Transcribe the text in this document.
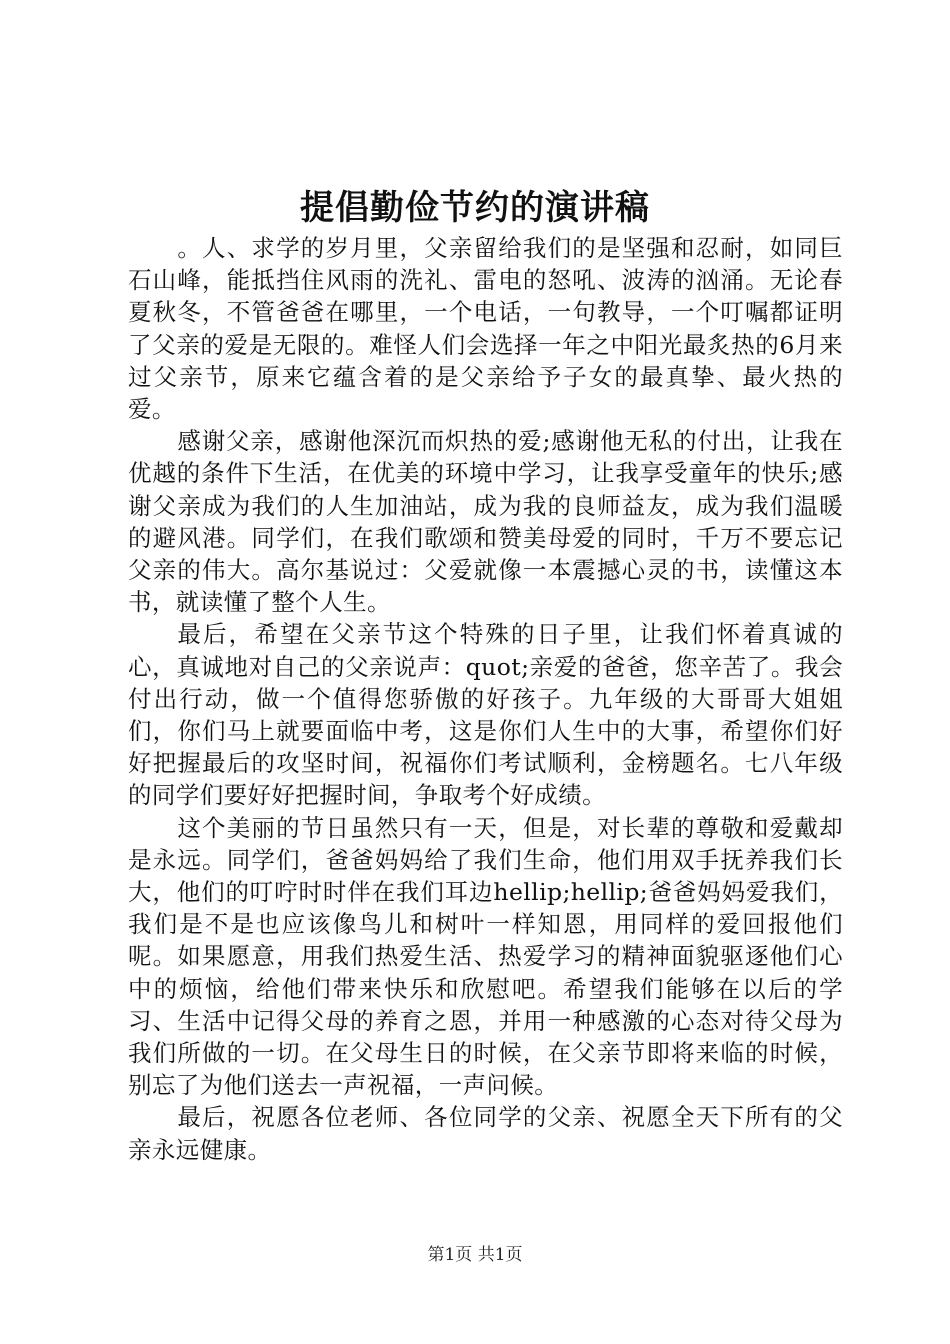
提倡勤俭节约的演讲稿

。人、求学的岁月里，父亲留给我们的是坚强和忍耐，如同巨石山峰，能抵挡住风雨的洗礼、雷电的怒吼、波涛的汹涌。无论春夏秋冬，不管爸爸在哪里，一个电话，一句教导，一个叮嘱都证明了父亲的爱是无限的。难怪人们会选择一年之中阳光最炙热的6月来过父亲节，原来它蕴含着的是父亲给予子女的最真挚、最火热的爱。

感谢父亲，感谢他深沉而炽热的爱;感谢他无私的付出，让我在优越的条件下生活，在优美的环境中学习，让我享受童年的快乐;感谢父亲成为我们的人生加油站，成为我的良师益友，成为我们温暖的避风港。同学们，在我们歌颂和赞美母爱的同时，千万不要忘记父亲的伟大。高尔基说过：父爱就像一本震撼心灵的书，读懂这本书，就读懂了整个人生。

最后，希望在父亲节这个特殊的日子里，让我们怀着真诚的心，真诚地对自己的父亲说声：quot;亲爱的爸爸，您辛苦了。我会付出行动，做一个值得您骄傲的好孩子。九年级的大哥哥大姐姐们，你们马上就要面临中考，这是你们人生中的大事，希望你们好好把握最后的攻坚时间，祝福你们考试顺利，金榜题名。七八年级的同学们要好好把握时间，争取考个好成绩。

这个美丽的节日虽然只有一天，但是，对长辈的尊敬和爱戴却是永远。同学们，爸爸妈妈给了我们生命，他们用双手抚养我们长大，他们的叮咛时时伴在我们耳边hellip;hellip;爸爸妈妈爱我们，我们是不是也应该像鸟儿和树叶一样知恩，用同样的爱回报他们呢。如果愿意，用我们热爱生活、热爱学习的精神面貌驱逐他们心中的烦恼，给他们带来快乐和欣慰吧。希望我们能够在以后的学习、生活中记得父母的养育之恩，并用一种感激的心态对待父母为我们所做的一切。在父母生日的时候，在父亲节即将来临的时候，别忘了为他们送去一声祝福，一声问候。

最后，祝愿各位老师、各位同学的父亲、祝愿全天下所有的父亲永远健康。

第1页 共1页
